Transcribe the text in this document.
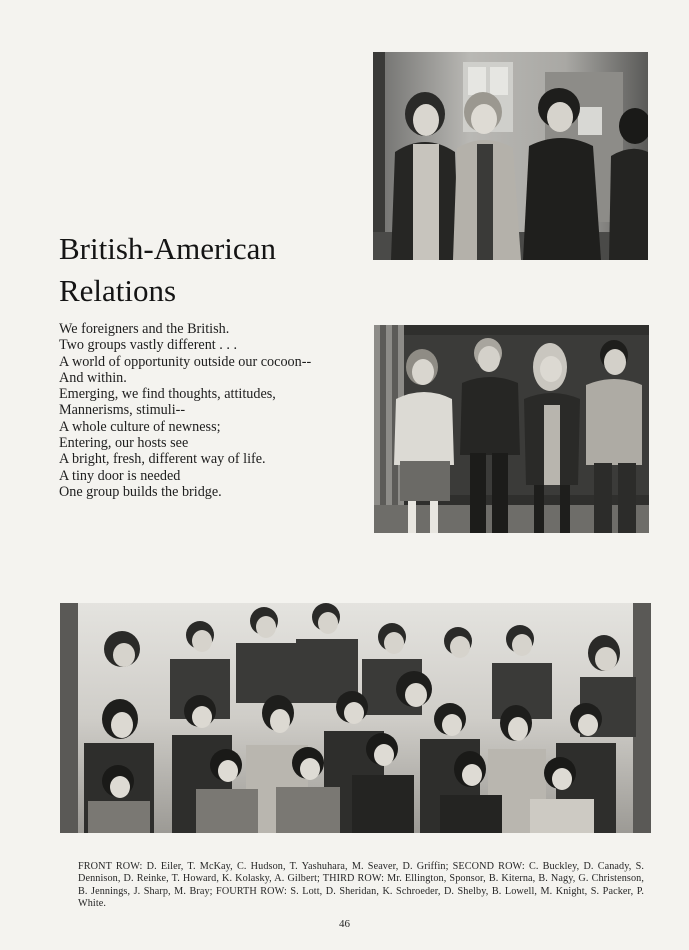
British-American
Relations
We foreigners and the British.
Two groups vastly different . . .
A world of opportunity outside our cocoon--
And within.
Emerging, we find thoughts, attitudes,
Mannerisms, stimuli--
A whole culture of newness;
Entering, our hosts see
A bright, fresh, different way of life.
A tiny door is needed
One group builds the bridge.

FRONT ROW: D. Eiler, T. McKay, C. Hudson, T. Yashuhara, M. Seaver, D. Griffin; SECOND ROW: C. Buckley, D. Canady, S. Dennison, D. Reinke, T. Howard, K. Kolasky, A. Gilbert; THIRD ROW: Mr. Ellington, Sponsor, B. Kiterna, B. Nagy, G. Christenson, B. Jennings, J. Sharp, M. Bray; FOURTH ROW: S. Lott, D. Sheridan, K. Schroeder, D. Shelby, B. Lowell, M. Knight, S. Packer, P. White.

46
